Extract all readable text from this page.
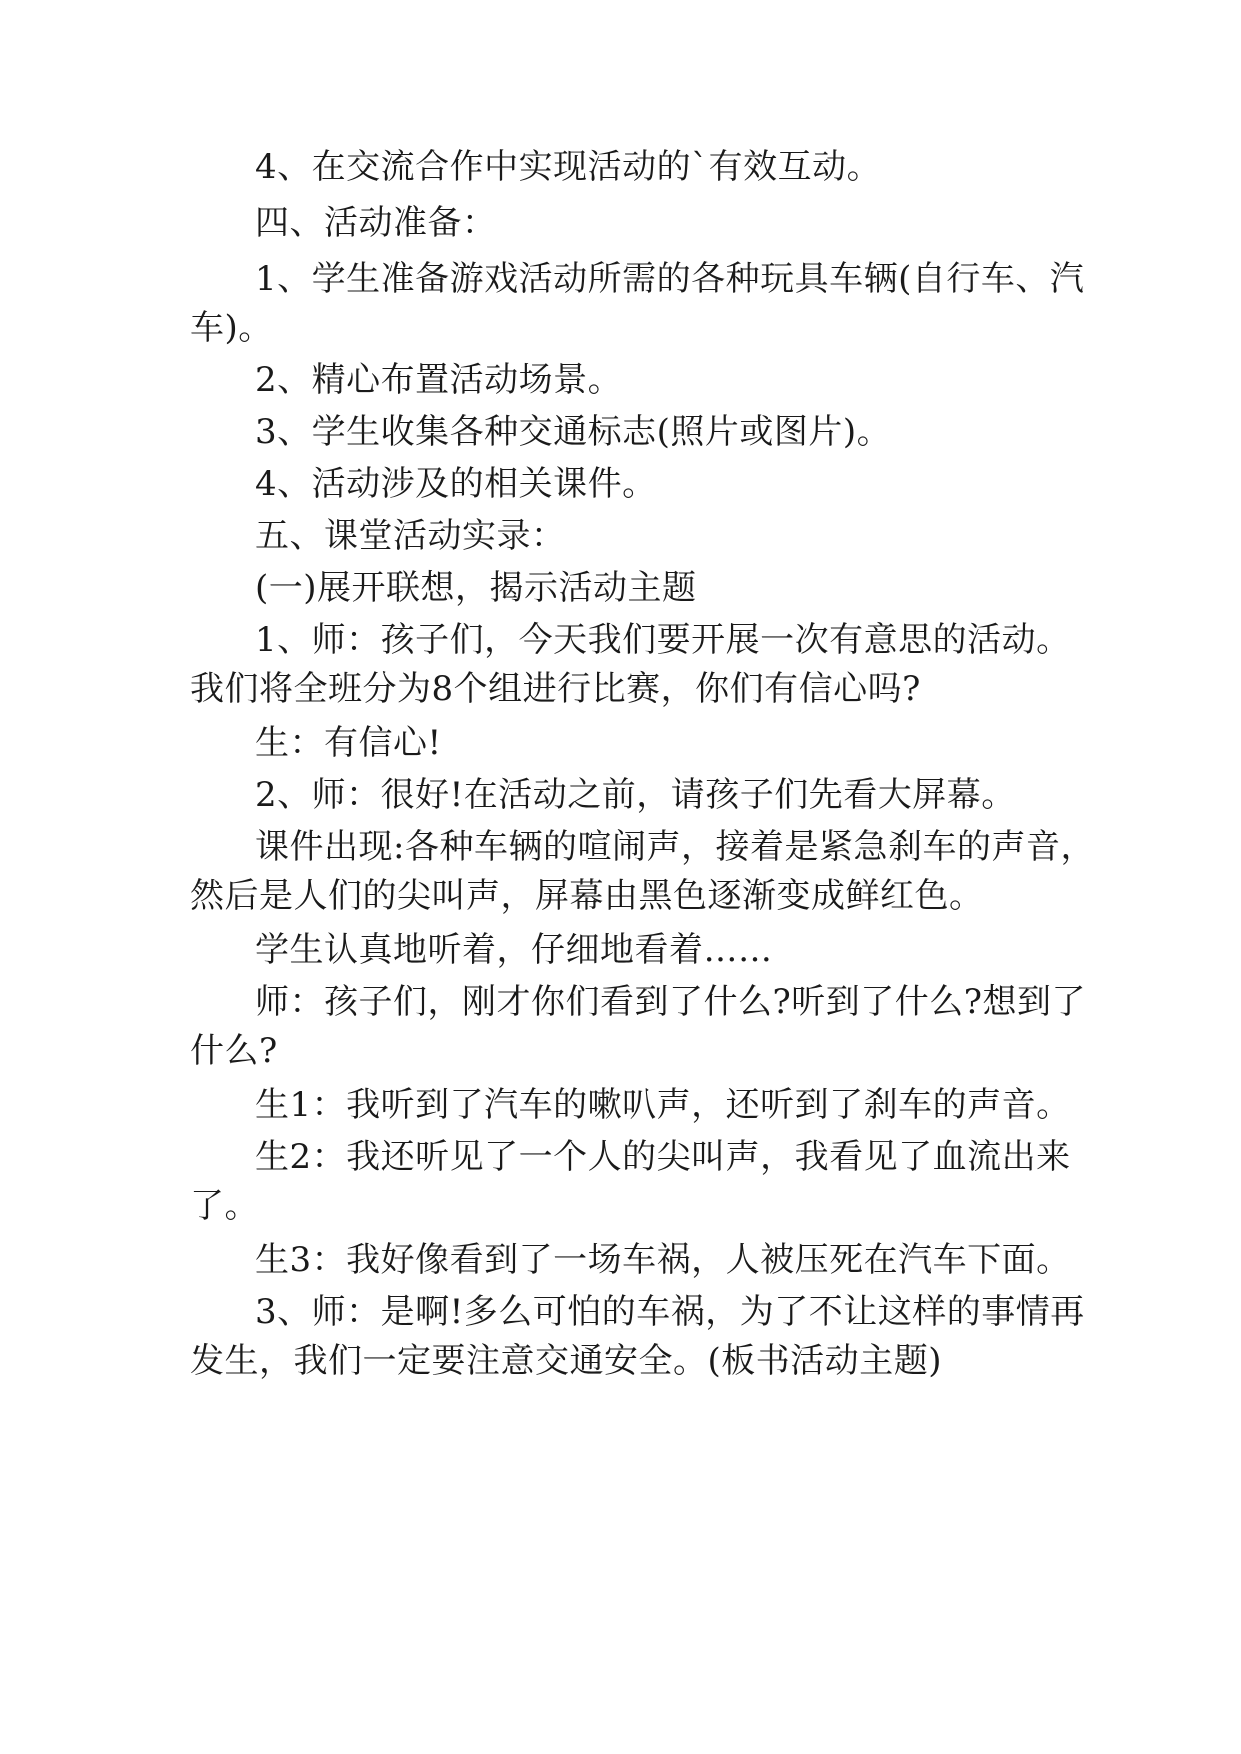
4、在交流合作中实现活动的`有效互动。
四、活动准备：
1、学生准备游戏活动所需的各种玩具车辆(自行车、汽
车)。
2、精心布置活动场景。
3、学生收集各种交通标志(照片或图片)。
4、活动涉及的相关课件。
五、课堂活动实录：
(一)展开联想，揭示活动主题
1、师：孩子们，今天我们要开展一次有意思的活动。
我们将全班分为8个组进行比赛，你们有信心吗?
生：有信心!
2、师：很好!在活动之前，请孩子们先看大屏幕。
课件出现:各种车辆的喧闹声，接着是紧急刹车的声音，
然后是人们的尖叫声，屏幕由黑色逐渐变成鲜红色。
学生认真地听着，仔细地看着……
师：孩子们，刚才你们看到了什么?听到了什么?想到了
什么?
生1：我听到了汽车的嗽叭声，还听到了刹车的声音。
生2：我还听见了一个人的尖叫声，我看见了血流出来
了。
生3：我好像看到了一场车祸，人被压死在汽车下面。
3、师：是啊!多么可怕的车祸，为了不让这样的事情再
发生，我们一定要注意交通安全。(板书活动主题)
